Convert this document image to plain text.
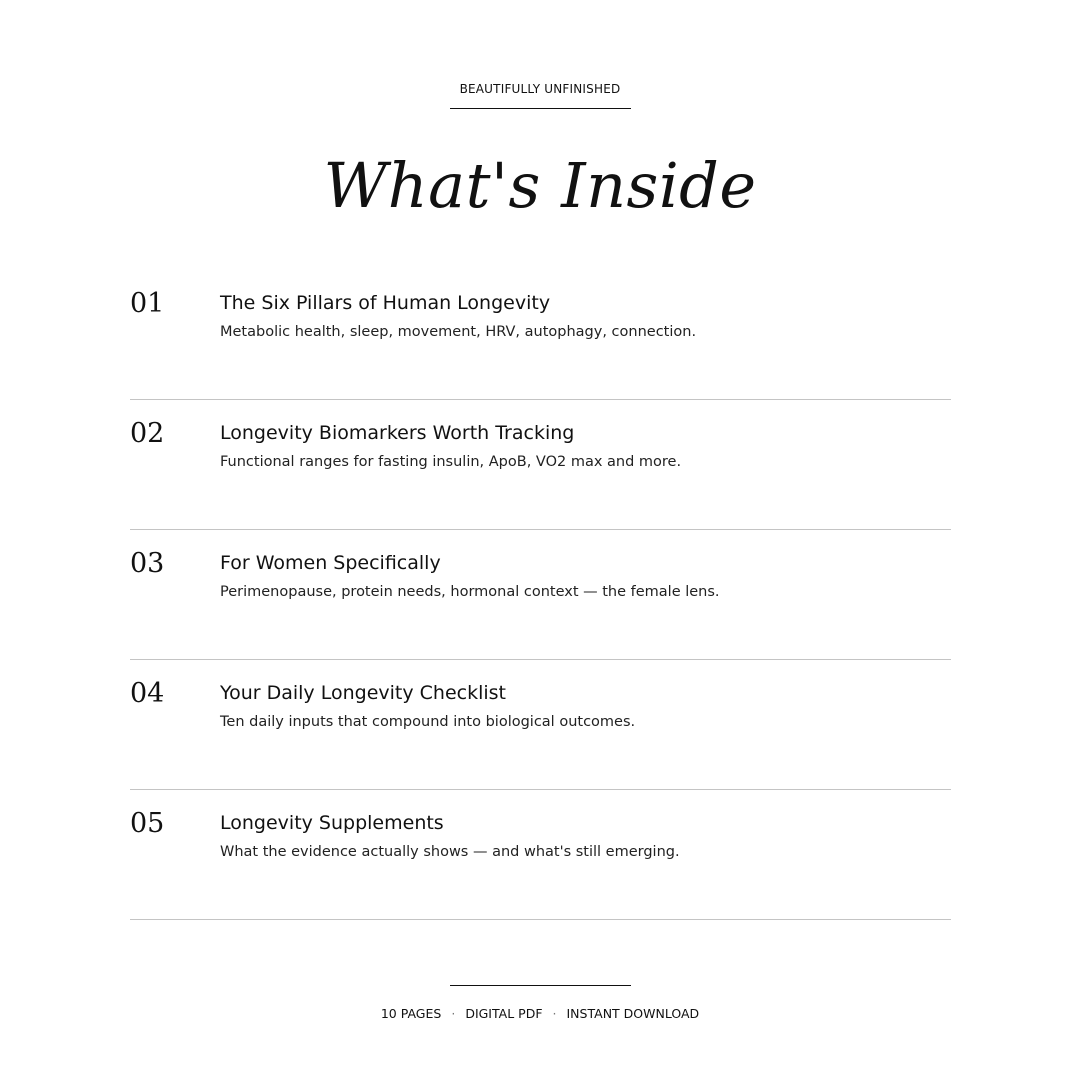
BEAUTIFULLY UNFINISHED
What's Inside
01	The Six Pillars of Human Longevity
Metabolic health, sleep, movement, HRV, autophagy, connection.
02	Longevity Biomarkers Worth Tracking
Functional ranges for fasting insulin, ApoB, VO2 max and more.
03	For Women Specifically
Perimenopause, protein needs, hormonal context — the female lens.
04	Your Daily Longevity Checklist
Ten daily inputs that compound into biological outcomes.
05	Longevity Supplements
What the evidence actually shows — and what's still emerging.
10 PAGES · DIGITAL PDF · INSTANT DOWNLOAD
